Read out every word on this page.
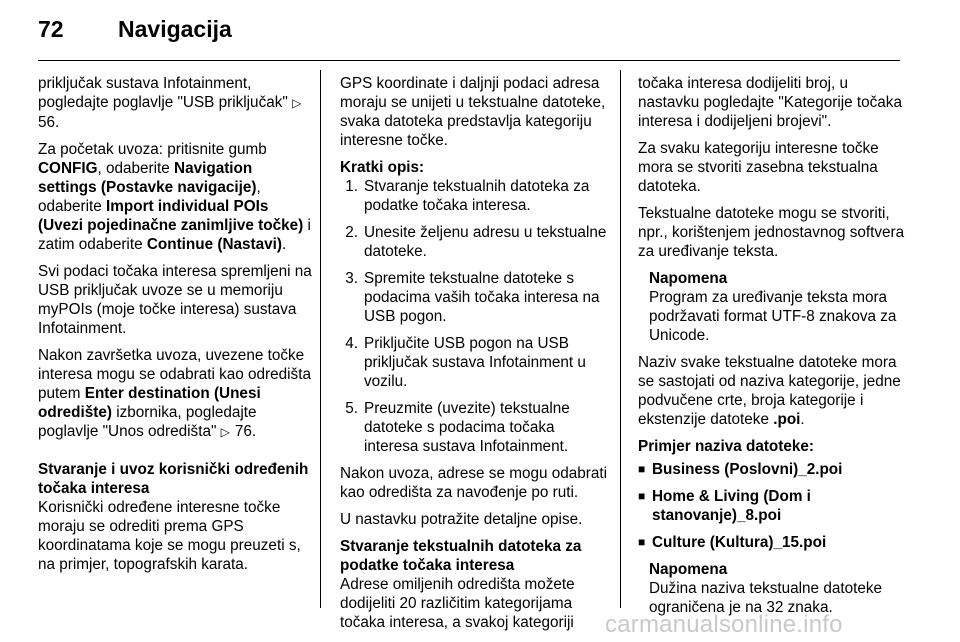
72 Navigacija

priključak sustava Infotainment, pogledajte poglavlje "USB priključak" ▷ 56.

Za početak uvoza: pritisnite gumb CONFIG, odaberite Navigation settings (Postavke navigacije), odaberite Import individual POIs (Uvezi pojedinačne zanimljive točke) i zatim odaberite Continue (Nastavi).

Svi podaci točaka interesa spremljeni na USB priključak uvoze se u memoriju myPOIs (moje točke interesa) sustava Infotainment.

Nakon završetka uvoza, uvezene točke interesa mogu se odabrati kao odredišta putem Enter destination (Unesi odredište) izbornika, pogledajte poglavlje "Unos odredišta" ▷ 76.

Stvaranje i uvoz korisnički određenih točaka interesa

Korisnički određene interesne točke moraju se odrediti prema GPS koordinatama koje se mogu preuzeti s, na primjer, topografskih karata.

GPS koordinate i daljnji podaci adresa moraju se unijeti u tekstualne datoteke, svaka datoteka predstavlja kategoriju interesne točke.

Kratki opis:

1. Stvaranje tekstualnih datoteka za podatke točaka interesa.
2. Unesite željenu adresu u tekstualne datoteke.
3. Spremite tekstualne datoteke s podacima vaših točaka interesa na USB pogon.
4. Priključite USB pogon na USB priključak sustava Infotainment u vozilu.
5. Preuzmite (uvezite) tekstualne datoteke s podacima točaka interesa sustava Infotainment.

Nakon uvoza, adrese se mogu odabrati kao odredišta za navođenje po ruti.

U nastavku potražite detaljne opise.

Stvaranje tekstualnih datoteka za podatke točaka interesa

Adrese omiljenih odredišta možete dodijeliti 20 različitim kategorijama točaka interesa, a svakoj kategoriji

točaka interesa dodijeliti broj, u nastavku pogledajte "Kategorije točaka interesa i dodijeljeni brojevi".

Za svaku kategoriju interesne točke mora se stvoriti zasebna tekstualna datoteka.

Tekstualne datoteke mogu se stvoriti, npr., korištenjem jednostavnog softvera za uređivanje teksta.

Napomena
Program za uređivanje teksta mora podržavati format UTF-8 znakova za Unicode.

Naziv svake tekstualne datoteke mora se sastojati od naziva kategorije, jedne podvučene crte, broja kategorije i ekstenzije datoteke .poi.

Primjer naziva datoteke:

■ Business (Poslovni)_2.poi
■ Home & Living (Dom i stanovanje)_8.poi
■ Culture (Kultura)_15.poi
Napomena
Dužina naziva tekstualne datoteke ograničena je na 32 znaka.
carmanualsonline.info
